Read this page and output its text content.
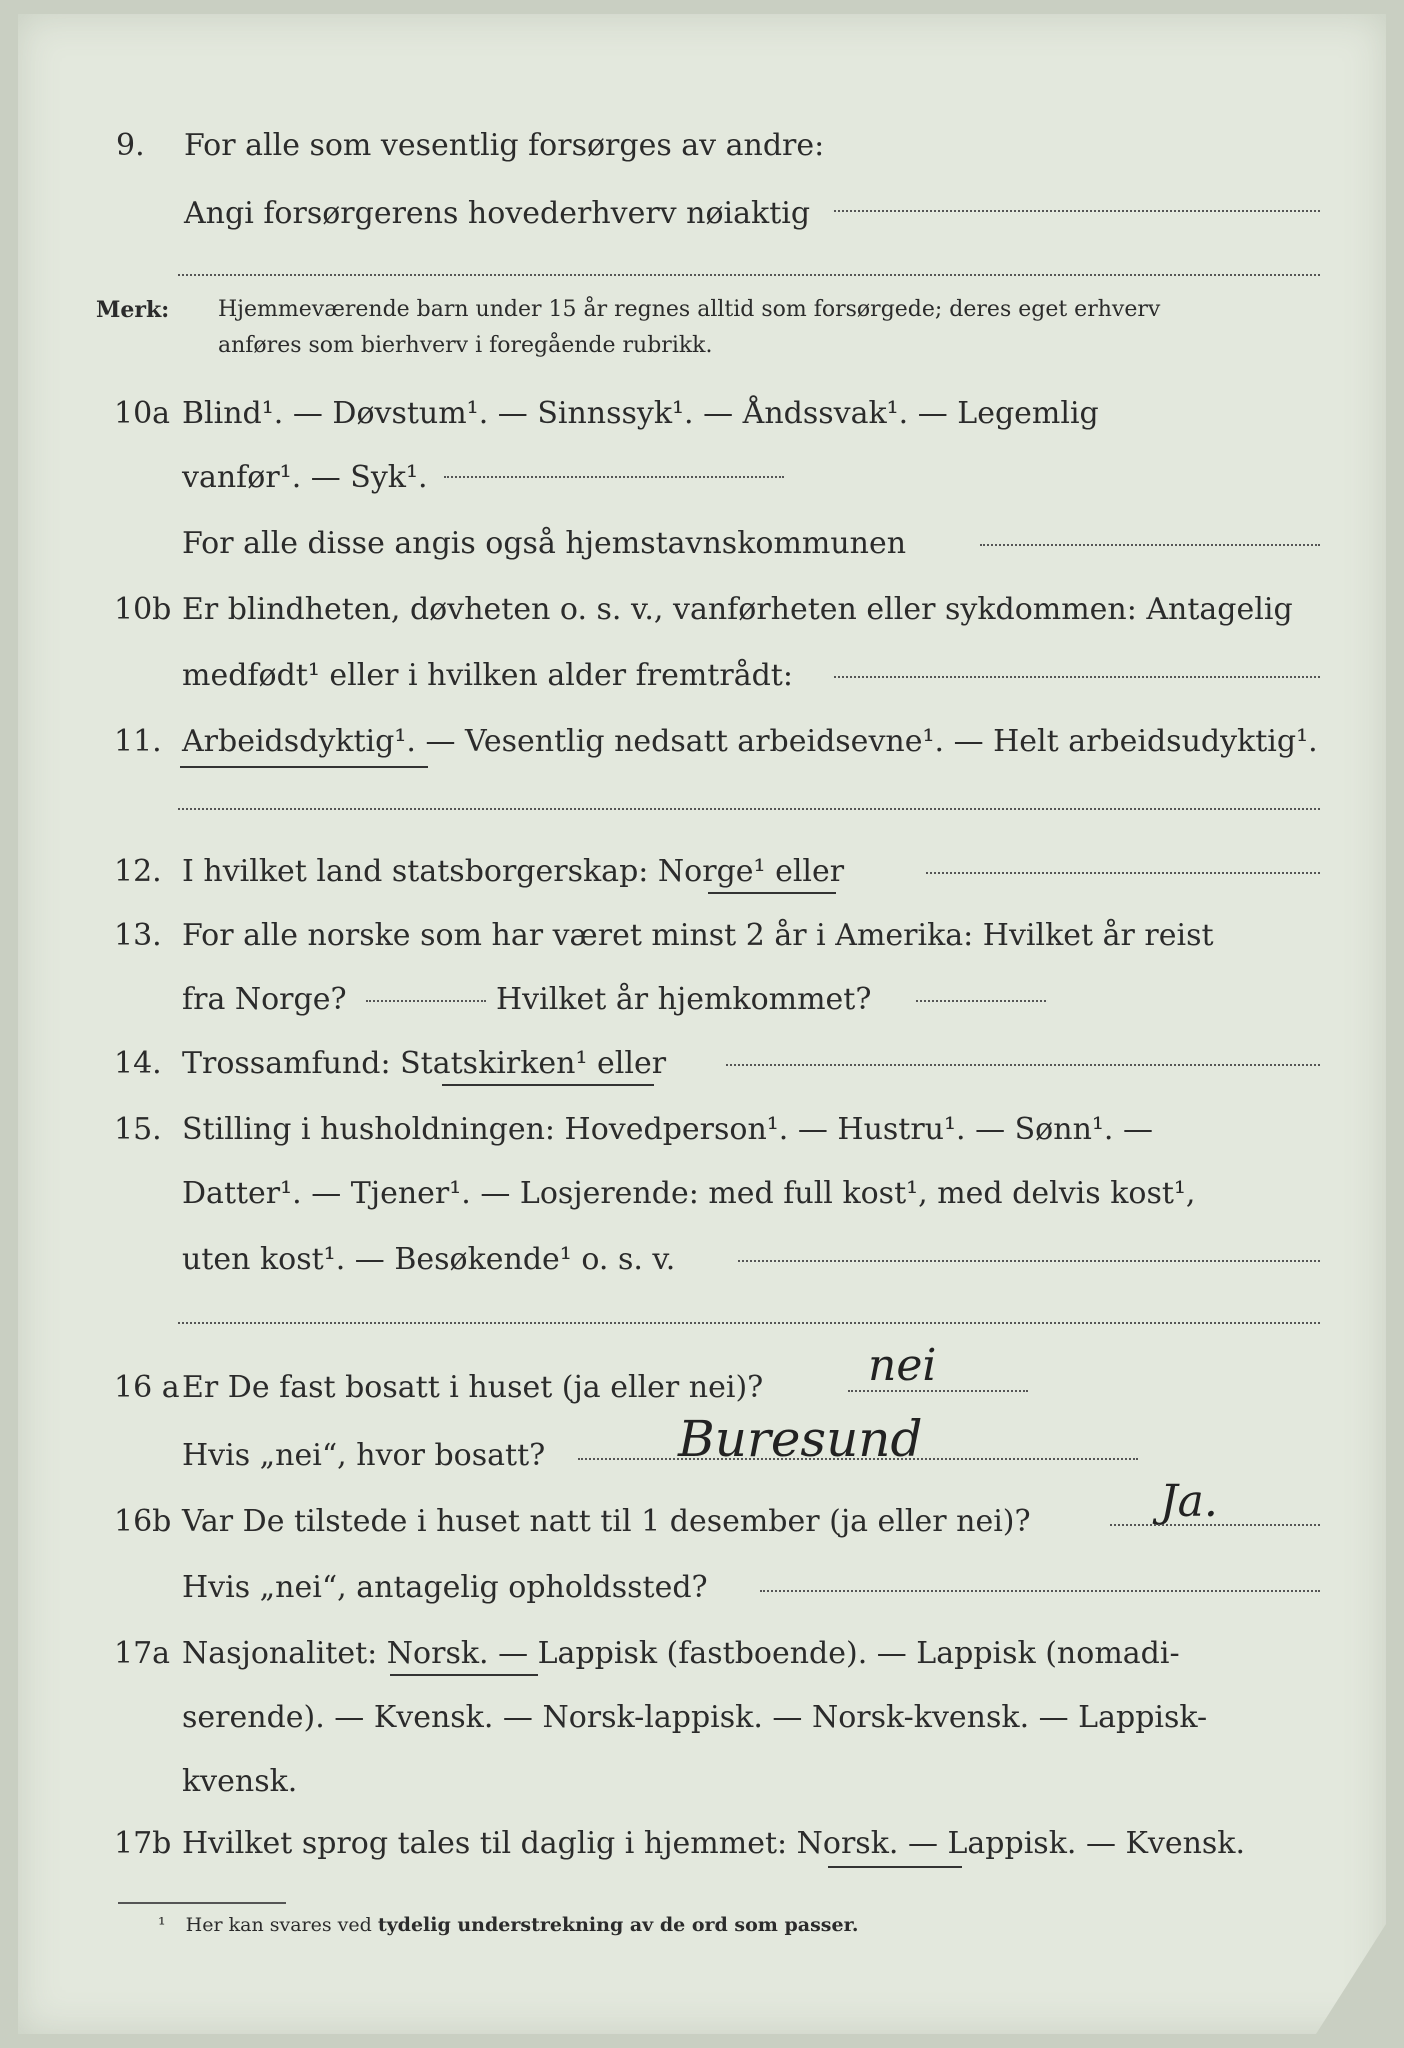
9. For alle som vesentlig forsørges av andre:
Angi forsørgerens hovederhverv nøiaktig
Merk: Hjemmeværende barn under 15 år regnes alltid som forsørgede; deres eget erhverv
anføres som bierhverv i foregående rubrikk.
10a Blind¹. — Døvstum¹. — Sinnssyk¹. — Åndssvak¹. — Legemlig
vanfør¹. — Syk¹.
For alle disse angis også hjemstavnskommunen
10b Er blindheten, døvheten o. s. v., vanførheten eller sykdommen: Antagelig
medfødt¹ eller i hvilken alder fremtrådt:
11. Arbeidsdyktig¹. — Vesentlig nedsatt arbeidsevne¹. — Helt arbeidsudyktig¹.
12. I hvilket land statsborgerskap: Norge¹ eller
13. For alle norske som har været minst 2 år i Amerika: Hvilket år reist
fra Norge?	Hvilket år hjemkommet?
14. Trossamfund: Statskirken¹ eller
15. Stilling i husholdningen: Hovedperson¹. — Hustru¹. — Sønn¹. —
Datter¹. — Tjener¹. — Losjerende: med full kost¹, med delvis kost¹,
uten kost¹. — Besøkende¹ o. s. v.
16 a Er De fast bosatt i huset (ja eller nei)? nei
Hvis „nei“, hvor bosatt?	Buresund
16b Var De tilstede i huset natt til 1 desember (ja eller nei)?	Ja.
Hvis „nei“, antagelig opholdssted?
17a Nasjonalitet: Norsk. — Lappisk (fastboende). — Lappisk (nomadi-
serende). — Kvensk. — Norsk-lappisk. — Norsk-kvensk. — Lappisk-
kvensk.
17b Hvilket sprog tales til daglig i hjemmet: Norsk. — Lappisk. — Kvensk.
¹ Her kan svares ved tydelig understrekning av de ord som passer.
